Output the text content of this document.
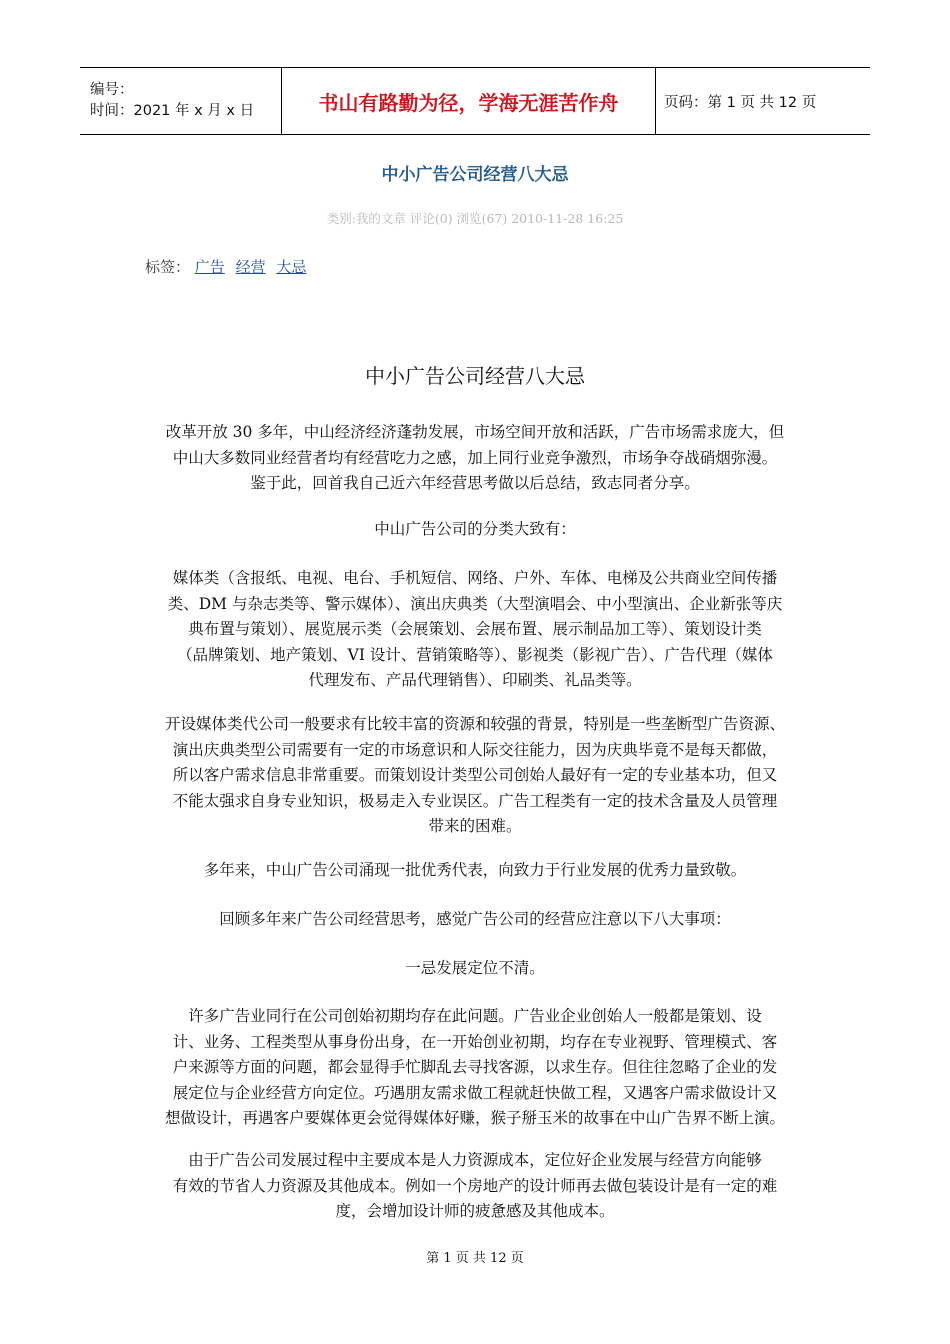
编号：
时间：2021 年 x 月 x 日	书山有路勤为径，学海无涯苦作舟	页码：第 1 页 共 12 页
中小广告公司经营八大忌
类别:我的文章 评论(0) 浏览(67) 2010-11-28 16:25
标签： 广告 经营 大忌
中小广告公司经营八大忌
改革开放 30 多年，中山经济经济蓬勃发展，市场空间开放和活跃，广告市场需求庞大，但
中山大多数同业经营者均有经营吃力之感，加上同行业竞争激烈，市场争夺战硝烟弥漫。
鉴于此，回首我自己近六年经营思考做以后总结，致志同者分享。
中山广告公司的分类大致有：
媒体类（含报纸、电视、电台、手机短信、网络、户外、车体、电梯及公共商业空间传播
类、DM 与杂志类等、警示媒体）、演出庆典类（大型演唱会、中小型演出、企业新张等庆
典布置与策划）、展览展示类（会展策划、会展布置、展示制品加工等）、策划设计类
（品牌策划、地产策划、VI 设计、营销策略等）、影视类（影视广告）、广告代理（媒体
代理发布、产品代理销售）、印刷类、礼品类等。
开设媒体类代公司一般要求有比较丰富的资源和较强的背景，特别是一些垄断型广告资源、
演出庆典类型公司需要有一定的市场意识和人际交往能力，因为庆典毕竟不是每天都做，
所以客户需求信息非常重要。而策划设计类型公司创始人最好有一定的专业基本功，但又
不能太强求自身专业知识，极易走入专业误区。广告工程类有一定的技术含量及人员管理
带来的困难。
多年来，中山广告公司涌现一批优秀代表，向致力于行业发展的优秀力量致敬。
回顾多年来广告公司经营思考，感觉广告公司的经营应注意以下八大事项：
一忌发展定位不清。
许多广告业同行在公司创始初期均存在此问题。广告业企业创始人一般都是策划、设
计、业务、工程类型从事身份出身，在一开始创业初期，均存在专业视野、管理模式、客
户来源等方面的问题，都会显得手忙脚乱去寻找客源，以求生存。但往往忽略了企业的发
展定位与企业经营方向定位。巧遇朋友需求做工程就赶快做工程，又遇客户需求做设计又
想做设计，再遇客户要媒体更会觉得媒体好赚，猴子掰玉米的故事在中山广告界不断上演。
由于广告公司发展过程中主要成本是人力资源成本，定位好企业发展与经营方向能够
有效的节省人力资源及其他成本。例如一个房地产的设计师再去做包装设计是有一定的难
度，会增加设计师的疲惫感及其他成本。
第 1 页 共 12 页
